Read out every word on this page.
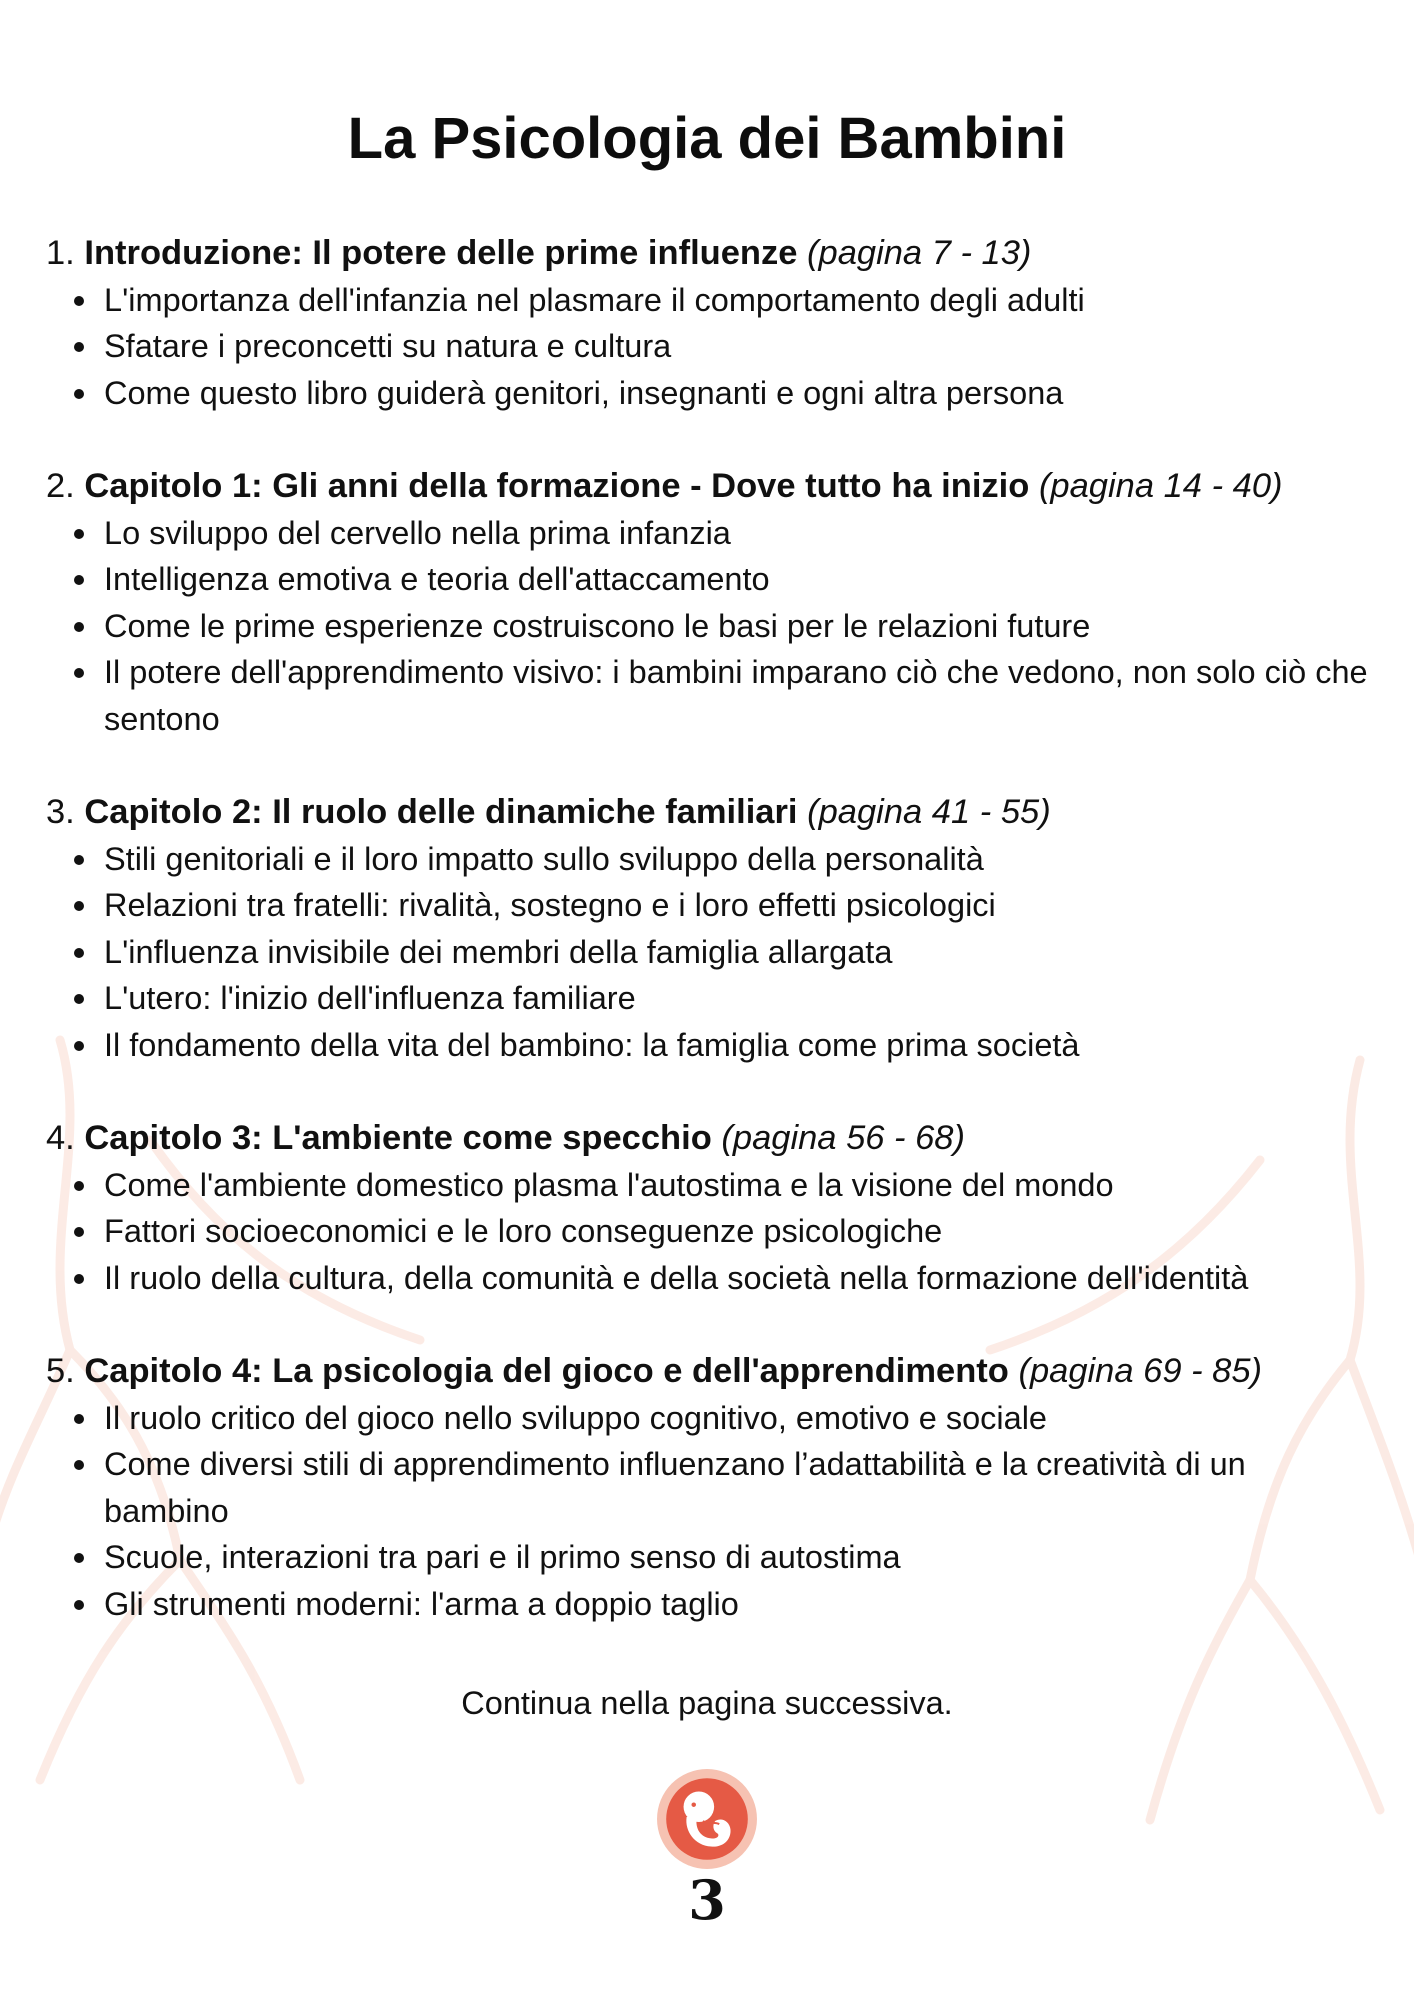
La Psicologia dei Bambini
1. Introduzione: Il potere delle prime influenze (pagina 7 - 13)
L'importanza dell'infanzia nel plasmare il comportamento degli adulti
Sfatare i preconcetti su natura e cultura
Come questo libro guiderà genitori, insegnanti e ogni altra persona
2. Capitolo 1: Gli anni della formazione - Dove tutto ha inizio (pagina 14 - 40)
Lo sviluppo del cervello nella prima infanzia
Intelligenza emotiva e teoria dell'attaccamento
Come le prime esperienze costruiscono le basi per le relazioni future
Il potere dell'apprendimento visivo: i bambini imparano ciò che vedono, non solo ciò che sentono
3. Capitolo 2: Il ruolo delle dinamiche familiari (pagina 41 - 55)
Stili genitoriali e il loro impatto sullo sviluppo della personalità
Relazioni tra fratelli: rivalità, sostegno e i loro effetti psicologici
L'influenza invisibile dei membri della famiglia allargata
L'utero: l'inizio dell'influenza familiare
Il fondamento della vita del bambino: la famiglia come prima società
4. Capitolo 3: L'ambiente come specchio (pagina 56 - 68)
Come l'ambiente domestico plasma l'autostima e la visione del mondo
Fattori socioeconomici e le loro conseguenze psicologiche
Il ruolo della cultura, della comunità e della società nella formazione dell'identità
5. Capitolo 4: La psicologia del gioco e dell'apprendimento (pagina 69 - 85)
Il ruolo critico del gioco nello sviluppo cognitivo, emotivo e sociale
Come diversi stili di apprendimento influenzano l’adattabilità e la creatività di un bambino
Scuole, interazioni tra pari e il primo senso di autostima
Gli strumenti moderni: l'arma a doppio taglio
Continua nella pagina successiva.
3
